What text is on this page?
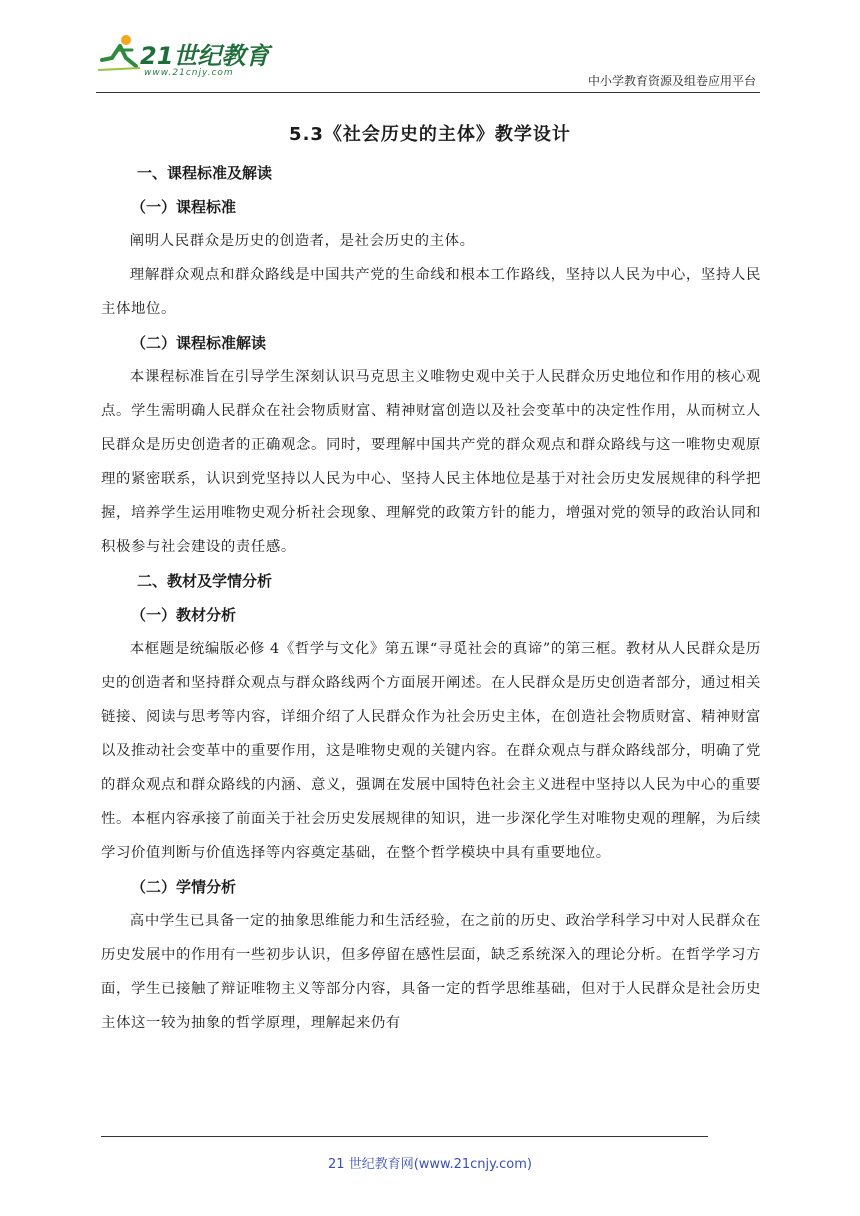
21世纪教育
www.21cnjy.com
中小学教育资源及组卷应用平台
5.3《社会历史的主体》教学设计

一、课程标准及解读

（一）课程标准

阐明人民群众是历史的创造者，是社会历史的主体。

理解群众观点和群众路线是中国共产党的生命线和根本工作路线，坚持以人民为中心，坚持人民主体地位。

（二）课程标准解读

本课程标准旨在引导学生深刻认识马克思主义唯物史观中关于人民群众历史地位和作用的核心观点。学生需明确人民群众在社会物质财富、精神财富创造以及社会变革中的决定性作用，从而树立人民群众是历史创造者的正确观念。同时，要理解中国共产党的群众观点和群众路线与这一唯物史观原理的紧密联系，认识到党坚持以人民为中心、坚持人民主体地位是基于对社会历史发展规律的科学把握，培养学生运用唯物史观分析社会现象、理解党的政策方针的能力，增强对党的领导的政治认同和积极参与社会建设的责任感。

二、教材及学情分析

（一）教材分析

本框题是统编版必修 4《哲学与文化》第五课“寻觅社会的真谛”的第三框。教材从人民群众是历史的创造者和坚持群众观点与群众路线两个方面展开阐述。在人民群众是历史创造者部分，通过相关链接、阅读与思考等内容，详细介绍了人民群众作为社会历史主体，在创造社会物质财富、精神财富以及推动社会变革中的重要作用，这是唯物史观的关键内容。在群众观点与群众路线部分，明确了党的群众观点和群众路线的内涵、意义，强调在发展中国特色社会主义进程中坚持以人民为中心的重要性。本框内容承接了前面关于社会历史发展规律的知识，进一步深化学生对唯物史观的理解，为后续学习价值判断与价值选择等内容奠定基础，在整个哲学模块中具有重要地位。

（二）学情分析

高中学生已具备一定的抽象思维能力和生活经验，在之前的历史、政治学科学习中对人民群众在历史发展中的作用有一些初步认识，但多停留在感性层面，缺乏系统深入的理论分析。在哲学学习方面，学生已接触了辩证唯物主义等部分内容，具备一定的哲学思维基础，但对于人民群众是社会历史主体这一较为抽象的哲学原理，理解起来仍有

21 世纪教育网(www.21cnjy.com)
